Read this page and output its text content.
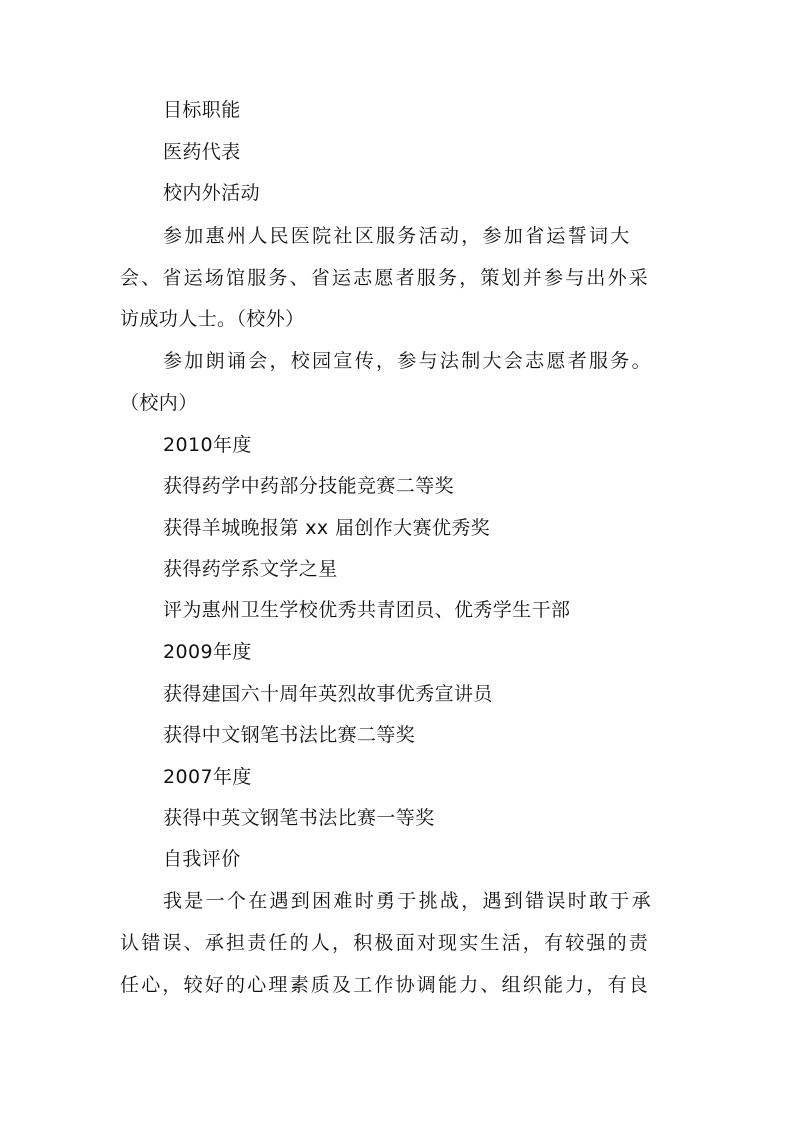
目标职能
医药代表
校内外活动
参加惠州人民医院社区服务活动，参加省运誓词大
会、省运场馆服务、省运志愿者服务，策划并参与出外采
访成功人士。（校外）
参加朗诵会，校园宣传，参与法制大会志愿者服务。
（校内）
2010年度
获得药学中药部分技能竞赛二等奖
获得羊城晚报第 xx 届创作大赛优秀奖
获得药学系文学之星
评为惠州卫生学校优秀共青团员、优秀学生干部
2009年度
获得建国六十周年英烈故事优秀宣讲员
获得中文钢笔书法比赛二等奖
2007年度
获得中英文钢笔书法比赛一等奖
自我评价
我是一个在遇到困难时勇于挑战，遇到错误时敢于承
认错误、承担责任的人，积极面对现实生活，有较强的责
任心，较好的心理素质及工作协调能力、组织能力，有良
